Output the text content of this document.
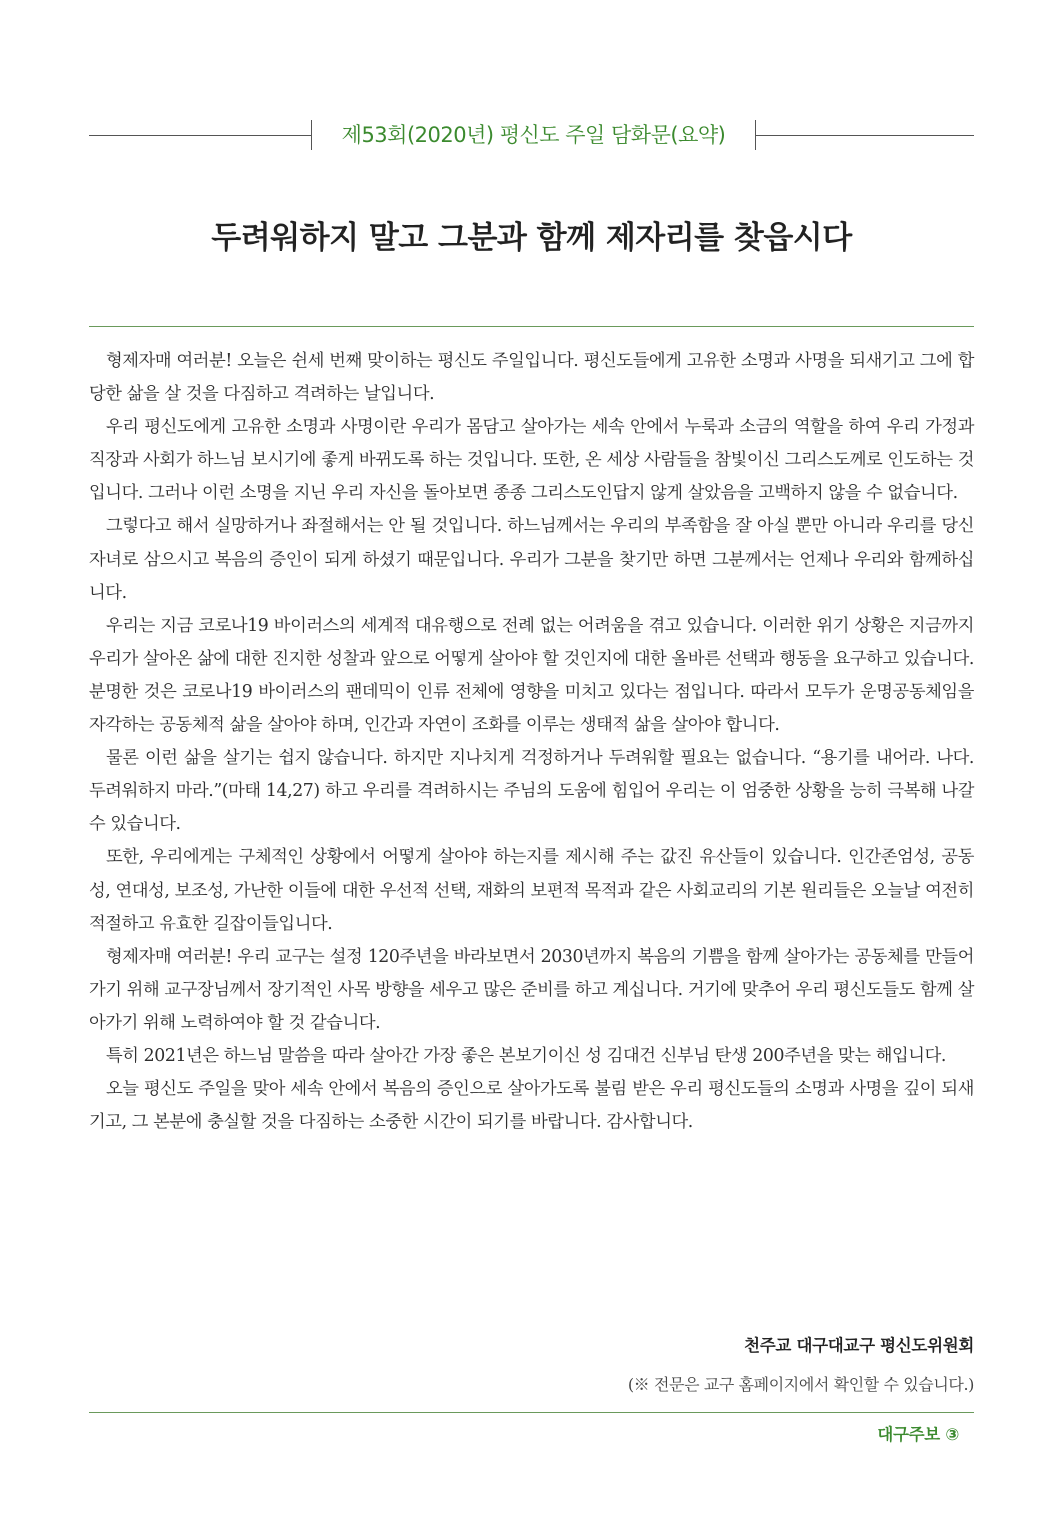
제53회(2020년) 평신도 주일 담화문(요약)
두려워하지 말고 그분과 함께 제자리를 찾읍시다

형제자매 여러분! 오늘은 쉰세 번째 맞이하는 평신도 주일입니다. 평신도들에게 고유한 소명과 사명을 되새기고 그에 합당한 삶을 살 것을 다짐하고 격려하는 날입니다.

우리 평신도에게 고유한 소명과 사명이란 우리가 몸담고 살아가는 세속 안에서 누룩과 소금의 역할을 하여 우리 가정과 직장과 사회가 하느님 보시기에 좋게 바뀌도록 하는 것입니다. 또한, 온 세상 사람들을 참빛이신 그리스도께로 인도하는 것입니다. 그러나 이런 소명을 지닌 우리 자신을 돌아보면 종종 그리스도인답지 않게 살았음을 고백하지 않을 수 없습니다.

그렇다고 해서 실망하거나 좌절해서는 안 될 것입니다. 하느님께서는 우리의 부족함을 잘 아실 뿐만 아니라 우리를 당신 자녀로 삼으시고 복음의 증인이 되게 하셨기 때문입니다. 우리가 그분을 찾기만 하면 그분께서는 언제나 우리와 함께하십니다.

우리는 지금 코로나19 바이러스의 세계적 대유행으로 전례 없는 어려움을 겪고 있습니다. 이러한 위기 상황은 지금까지 우리가 살아온 삶에 대한 진지한 성찰과 앞으로 어떻게 살아야 할 것인지에 대한 올바른 선택과 행동을 요구하고 있습니다. 분명한 것은 코로나19 바이러스의 팬데믹이 인류 전체에 영향을 미치고 있다는 점입니다. 따라서 모두가 운명공동체임을 자각하는 공동체적 삶을 살아야 하며, 인간과 자연이 조화를 이루는 생태적 삶을 살아야 합니다.

물론 이런 삶을 살기는 쉽지 않습니다. 하지만 지나치게 걱정하거나 두려워할 필요는 없습니다. “용기를 내어라. 나다. 두려워하지 마라.”(마태 14,27) 하고 우리를 격려하시는 주님의 도움에 힘입어 우리는 이 엄중한 상황을 능히 극복해 나갈 수 있습니다.

또한, 우리에게는 구체적인 상황에서 어떻게 살아야 하는지를 제시해 주는 값진 유산들이 있습니다. 인간존엄성, 공동성, 연대성, 보조성, 가난한 이들에 대한 우선적 선택, 재화의 보편적 목적과 같은 사회교리의 기본 원리들은 오늘날 여전히 적절하고 유효한 길잡이들입니다.

형제자매 여러분! 우리 교구는 설정 120주년을 바라보면서 2030년까지 복음의 기쁨을 함께 살아가는 공동체를 만들어가기 위해 교구장님께서 장기적인 사목 방향을 세우고 많은 준비를 하고 계십니다. 거기에 맞추어 우리 평신도들도 함께 살아가기 위해 노력하여야 할 것 같습니다.

특히 2021년은 하느님 말씀을 따라 살아간 가장 좋은 본보기이신 성 김대건 신부님 탄생 200주년을 맞는 해입니다.

오늘 평신도 주일을 맞아 세속 안에서 복음의 증인으로 살아가도록 불림 받은 우리 평신도들의 소명과 사명을 깊이 되새기고, 그 본분에 충실할 것을 다짐하는 소중한 시간이 되기를 바랍니다. 감사합니다.

천주교 대구대교구 평신도위원회
(※ 전문은 교구 홈페이지에서 확인할 수 있습니다.)
대구주보 ③
